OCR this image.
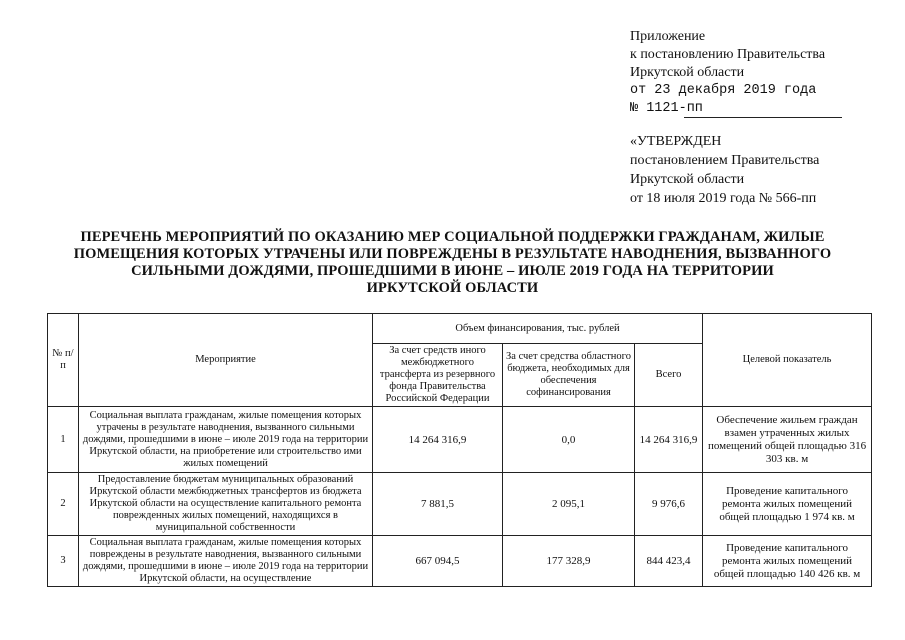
Приложение
к постановлению Правительства
Иркутской области
от 23 декабря 2019 года
№ 1121-пп
«УТВЕРЖДЕН
постановлением Правительства
Иркутской области
от 18 июля 2019 года № 566-пп
ПЕРЕЧЕНЬ МЕРОПРИЯТИЙ ПО ОКАЗАНИЮ МЕР СОЦИАЛЬНОЙ ПОДДЕРЖКИ ГРАЖДАНАМ, ЖИЛЫЕ
ПОМЕЩЕНИЯ КОТОРЫХ УТРАЧЕНЫ ИЛИ ПОВРЕЖДЕНЫ В РЕЗУЛЬТАТЕ НАВОДНЕНИЯ, ВЫЗВАННОГО
СИЛЬНЫМИ ДОЖДЯМИ, ПРОШЕДШИМИ В ИЮНЕ – ИЮЛЕ 2019 ГОДА НА ТЕРРИТОРИИ
ИРКУТСКОЙ ОБЛАСТИ
№ п/п	Мероприятие	Объем финансирования, тыс. рублей			Целевой показатель
		За счет средств иного межбюджетного трансферта из резервного фонда Правительства Российской Федерации	За счет средства областного бюджета, необходимых для обеспечения софинансирования	Всего	
1	Социальная выплата гражданам, жилые помещения которых утрачены в результате наводнения, вызванного сильными дождями, прошедшими в июне – июле 2019 года на территории Иркутской области, на приобретение или строительство ими жилых помещений	14 264 316,9	0,0	14 264 316,9	Обеспечение жильем граждан взамен утраченных жилых помещений общей площадью 316 303 кв. м
2	Предоставление бюджетам муниципальных образований Иркутской области межбюджетных трансфертов из бюджета Иркутской области на осуществление капитального ремонта поврежденных жилых помещений, находящихся в муниципальной собственности	7 881,5	2 095,1	9 976,6	Проведение капитального ремонта жилых помещений общей площадью 1 974 кв. м
3	Социальная выплата гражданам, жилые помещения которых повреждены в результате наводнения, вызванного сильными дождями, прошедшими в июне – июле 2019 года на территории Иркутской области, на осуществление	667 094,5	177 328,9	844 423,4	Проведение капитального ремонта жилых помещений общей площадью 140 426 кв. м
